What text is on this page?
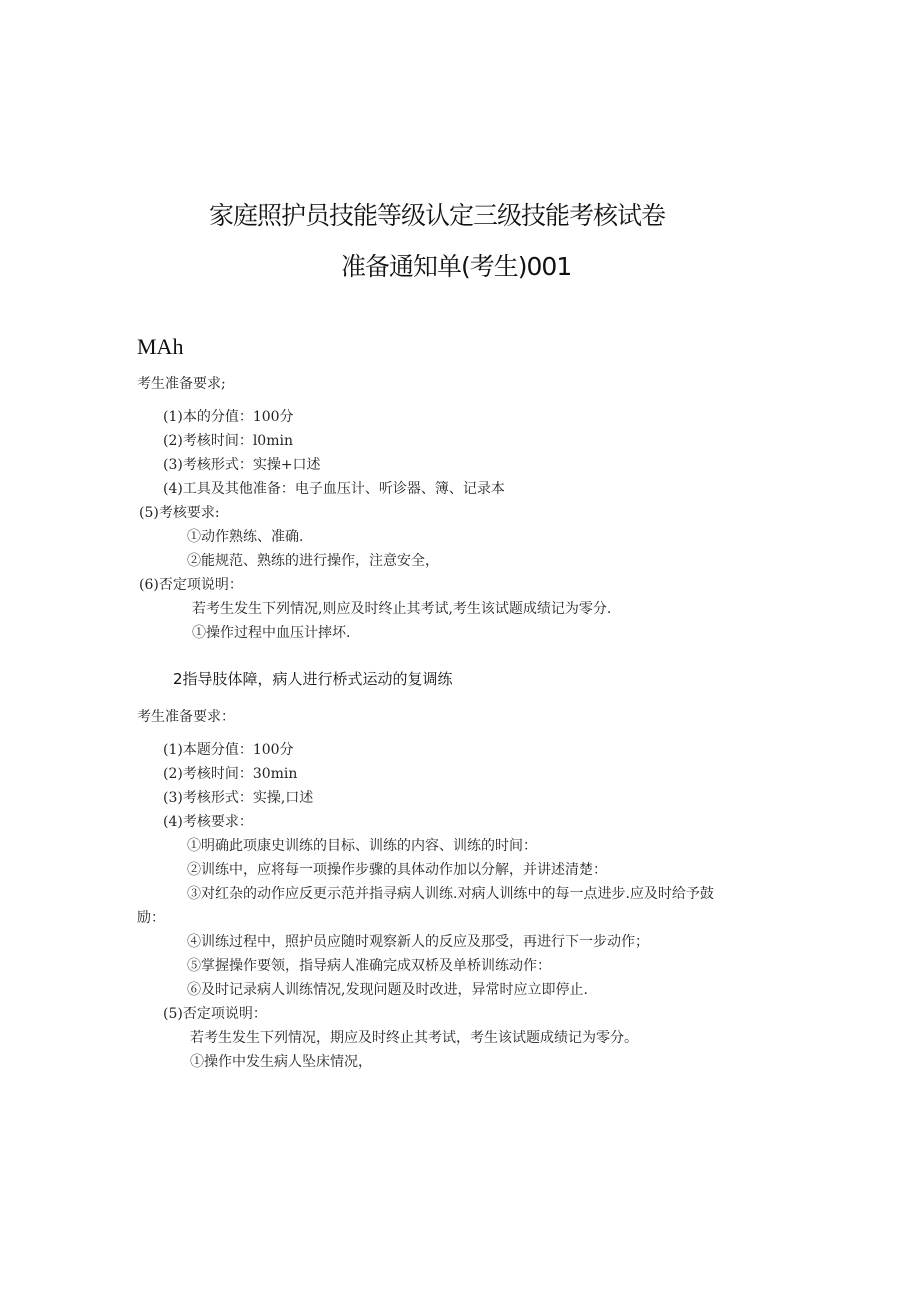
家庭照护员技能等级认定三级技能考核试卷
准备通知单(考生)001
MAh
考生准备要求;
(1)本的分值：100分
(2)考核时间：l0min
(3)考核形式：实操+口述
(4)工具及其他准备：电子血压计、听诊器、簿、记录本
(5)考核要求:
①动作熟练、准确.
②能规范、熟练的进行操作，注意安全，
(6)否定项说明：
若考生发生下列情况,则应及时终止其考试,考生该试题成绩记为零分.
①操作过程中血压计摔坏.
2指导肢体障，病人进行桥式运动的复调练
考生准备要求：
(1)本题分值：100分
(2)考核时间：30min
(3)考核形式：实操,口述
(4)考核要求：
①明确此项康史训练的目标、训练的内容、训练的时间：
②训练中，应将每一项操作步骤的具体动作加以分解，并讲述清楚：
③对红杂的动作应反更示范并指寻病人训练.对病人训练中的每一点进步.应及时给予鼓
励：
④训练过程中，照护员应随时观察新人的反应及那受，再进行下一步动作；
⑤掌握操作要领，指导病人准确完成双桥及单桥训练动作：
⑥及时记录病人训练情况,发现问题及时改进，异常时应立即停止.
(5)否定项说明：
若考生发生下列情况，期应及时终止其考试，考生该试题成绩记为零分。
①操作中发生病人坠床情况，
